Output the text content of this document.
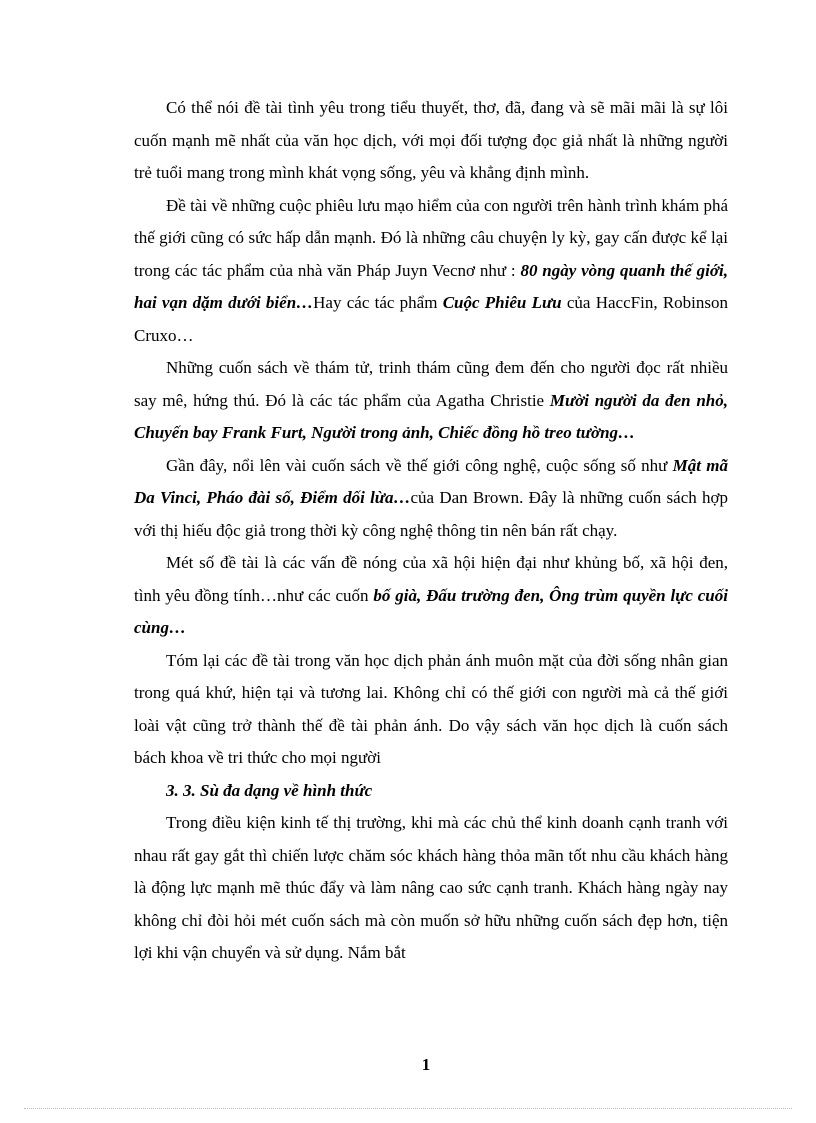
Có thể nói đề tài tình yêu trong tiểu thuyết, thơ, đã, đang và sẽ mãi mãi là sự lôi cuốn mạnh mẽ nhất của văn học dịch, với mọi đối tượng đọc giả nhất là những người trẻ tuổi mang trong mình khát vọng sống, yêu và khẳng định mình.

Đề tài về những cuộc phiêu lưu mạo hiểm của con người trên hành trình khám phá thế giới cũng có sức hấp dẫn mạnh. Đó là những câu chuyện ly kỳ, gay cấn được kể lại trong các tác phẩm của nhà văn Pháp Juyn Vecnơ như : 80 ngày vòng quanh thế giới, hai vạn dặm dưới biển…Hay các tác phẩm Cuộc Phiêu Lưu của HaccFin, Robinson Cruxo…

Những cuốn sách về thám tử, trinh thám cũng đem đến cho người đọc rất nhiều say mê, hứng thú. Đó là các tác phẩm của Agatha Christie Mười người da đen nhỏ, Chuyến bay Frank Furt, Người trong ảnh, Chiếc đồng hồ treo tường…

Gần đây, nổi lên vài cuốn sách về thế giới công nghệ, cuộc sống số như Mật mã Da Vinci, Pháo đài số, Điểm dối lừa…của Dan Brown. Đây là những cuốn sách hợp với thị hiếu độc giả trong thời kỳ công nghệ thông tin nên bán rất chạy.

Mét số đề tài là các vấn đề nóng của xã hội hiện đại như khủng bố, xã hội đen, tình yêu đồng tính…như các cuốn bố già, Đấu trường đen, Ông trùm quyền lực cuối cùng…

Tóm lại các đề tài trong văn học dịch phản ánh muôn mặt của đời sống nhân gian trong quá khứ, hiện tại và tương lai. Không chỉ có thế giới con người mà cả thế giới loài vật cũng trở thành thế đề tài phản ánh. Do vậy sách văn học dịch là cuốn sách bách khoa về tri thức cho mọi người

3. 3. Sù đa dạng về hình thức

Trong điều kiện kinh tế thị trường, khi mà các chủ thể kinh doanh cạnh tranh với nhau rất gay gắt thì chiến lược chăm sóc khách hàng thỏa mãn tốt nhu cầu khách hàng là động lực mạnh mẽ thúc đẩy và làm nâng cao sức cạnh tranh. Khách hàng ngày nay không chỉ đòi hỏi mét cuốn sách mà còn muốn sở hữu những cuốn sách đẹp hơn, tiện lợi khi vận chuyển và sử dụng. Nắm bắt

1
